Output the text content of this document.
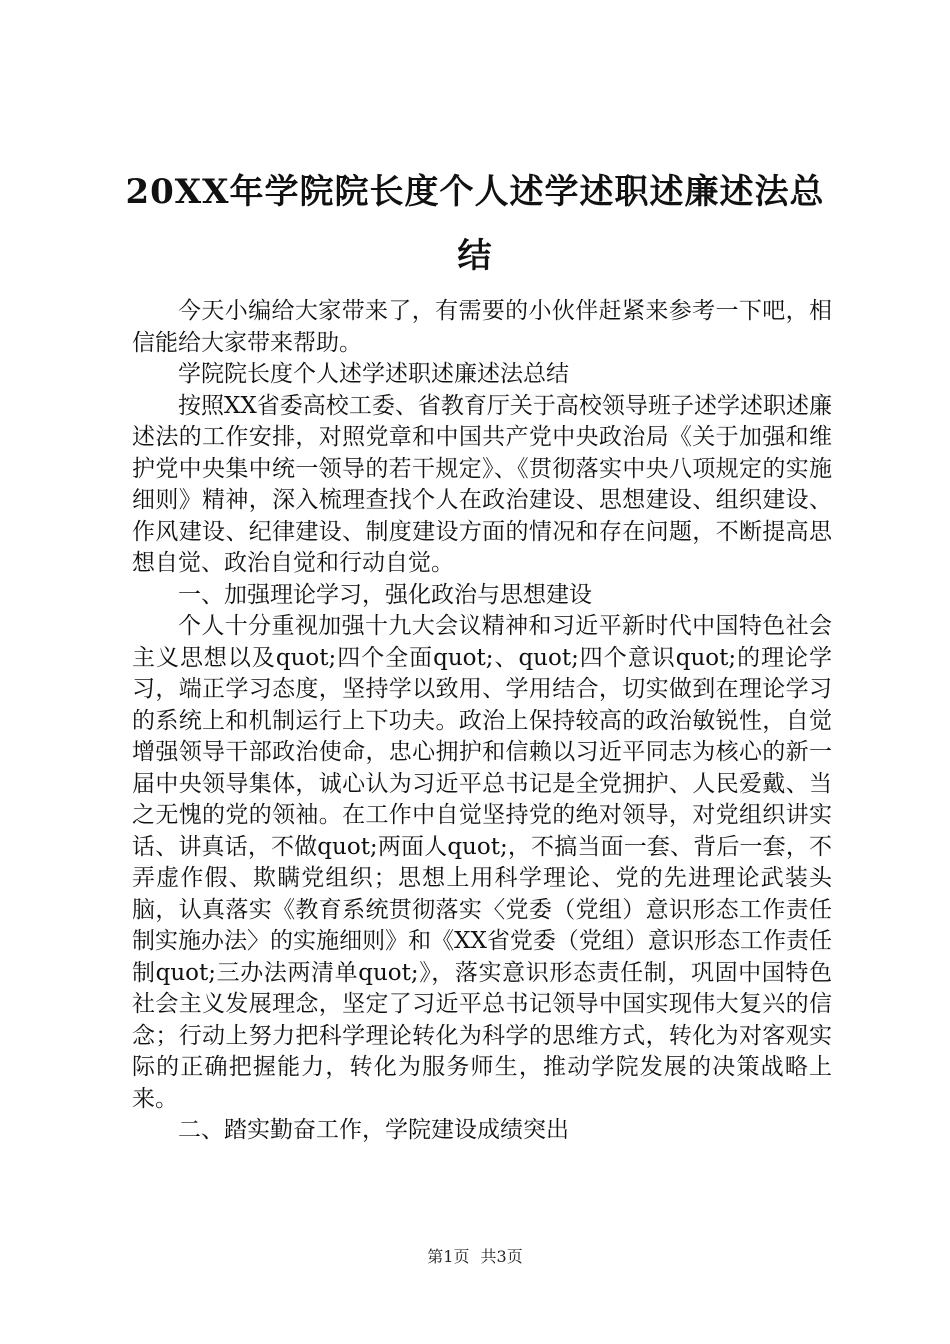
20XX年学院院长度个人述学述职述廉述法总结

今天小编给大家带来了，有需要的小伙伴赶紧来参考一下吧，相信能给大家带来帮助。

学院院长度个人述学述职述廉述法总结

按照XX省委高校工委、省教育厅关于高校领导班子述学述职述廉述法的工作安排，对照党章和中国共产党中央政治局《关于加强和维护党中央集中统一领导的若干规定》、《贯彻落实中央八项规定的实施细则》精神，深入梳理查找个人在政治建设、思想建设、组织建设、作风建设、纪律建设、制度建设方面的情况和存在问题，不断提高思想自觉、政治自觉和行动自觉。

一、加强理论学习，强化政治与思想建设

个人十分重视加强十九大会议精神和习近平新时代中国特色社会主义思想以及quot;四个全面quot;、quot;四个意识quot;的理论学习，端正学习态度，坚持学以致用、学用结合，切实做到在理论学习的系统上和机制运行上下功夫。政治上保持较高的政治敏锐性，自觉增强领导干部政治使命，忠心拥护和信赖以习近平同志为核心的新一届中央领导集体，诚心认为习近平总书记是全党拥护、人民爱戴、当之无愧的党的领袖。在工作中自觉坚持党的绝对领导，对党组织讲实话、讲真话，不做quot;两面人quot;，不搞当面一套、背后一套，不弄虚作假、欺瞒党组织；思想上用科学理论、党的先进理论武装头脑，认真落实《教育系统贯彻落实〈党委（党组）意识形态工作责任制实施办法〉的实施细则》和《XX省党委（党组）意识形态工作责任制quot;三办法两清单quot;》，落实意识形态责任制，巩固中国特色社会主义发展理念，坚定了习近平总书记领导中国实现伟大复兴的信念；行动上努力把科学理论转化为科学的思维方式，转化为对客观实际的正确把握能力，转化为服务师生，推动学院发展的决策战略上来。

二、踏实勤奋工作，学院建设成绩突出

第1页 共3页
